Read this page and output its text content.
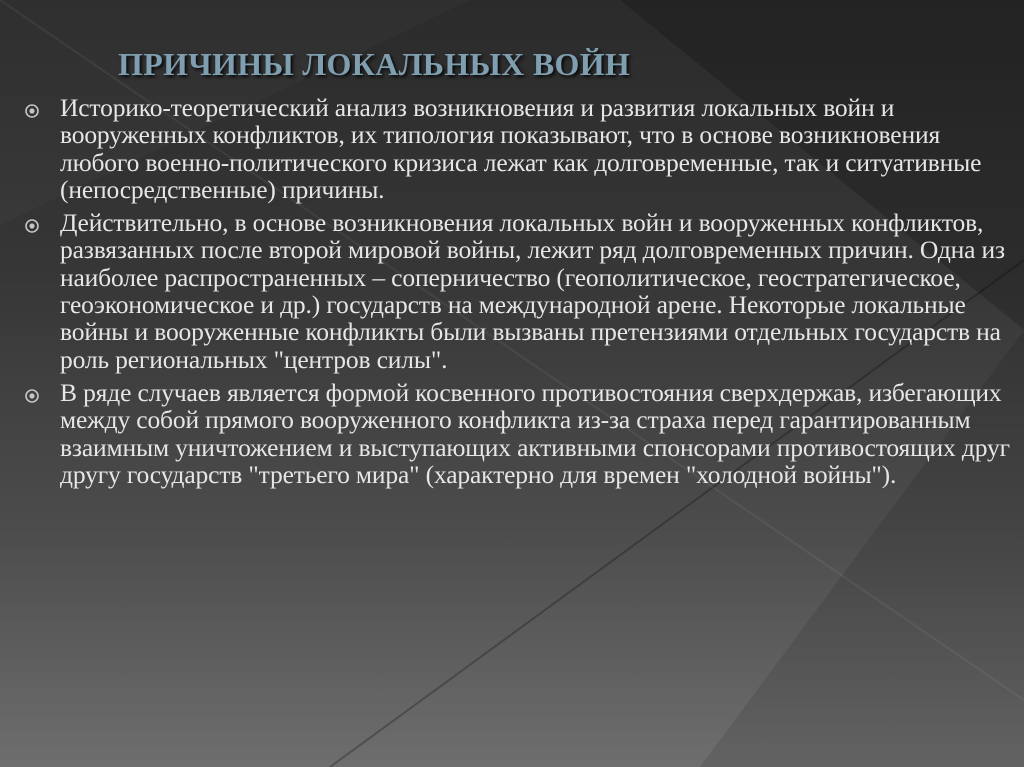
ПРИЧИНЫ ЛОКАЛЬНЫХ ВОЙН
Историко-теоретический анализ возникновения и развития локальных войн и вооруженных конфликтов, их типология показывают, что в основе возникновения любого военно-политического кризиса лежат как долговременные, так и ситуативные (непосредственные) причины.
Действительно, в основе возникновения локальных войн и вооруженных конфликтов, развязанных после второй мировой войны, лежит ряд долговременных причин. Одна из наиболее распространенных – соперничество (геополитическое, геостратегическое, геоэкономическое и др.) государств на международной арене. Некоторые локальные войны и вооруженные конфликты были вызваны претензиями отдельных государств на роль региональных "центров силы".
В ряде случаев является формой косвенного противостояния сверхдержав, избегающих между собой прямого вооруженного конфликта из-за страха перед гарантированным взаимным уничтожением и выступающих активными спонсорами противостоящих друг другу государств "третьего мира" (характерно для времен "холодной войны").
